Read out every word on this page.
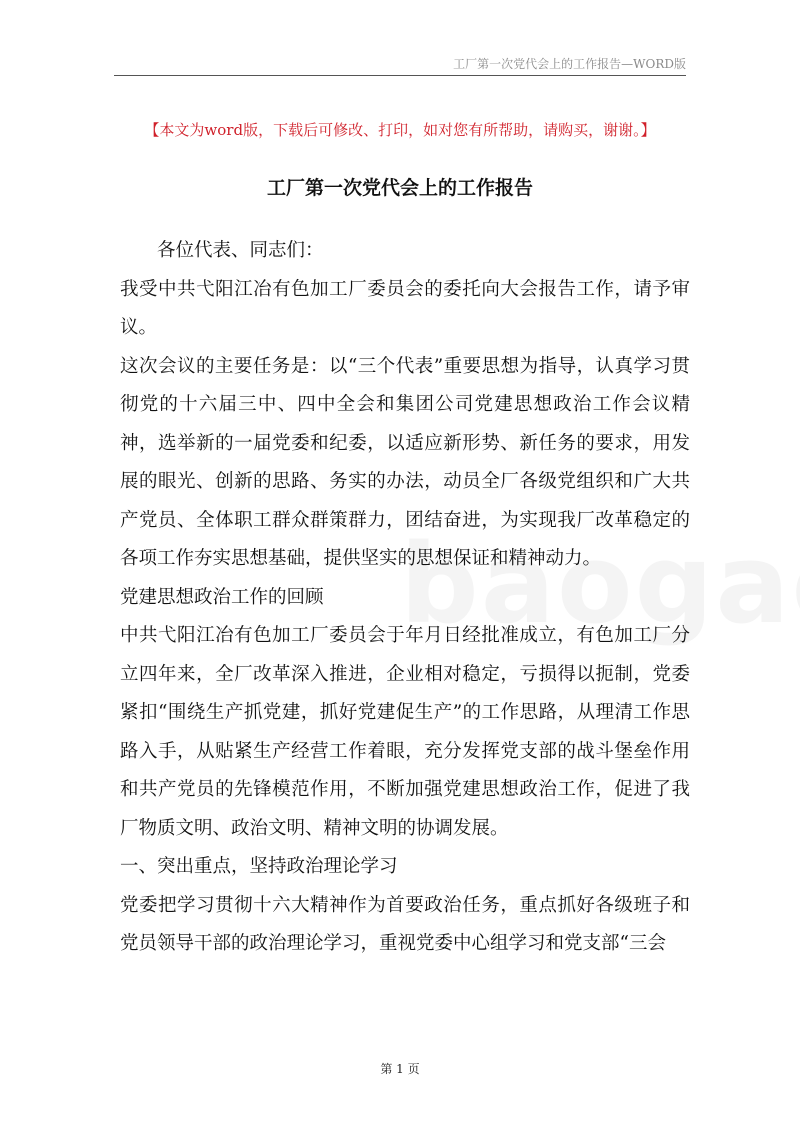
工厂第一次党代会上的工作报告—WORD版
【本文为word版，下载后可修改、打印，如对您有所帮助，请购买，谢谢。】
工厂第一次党代会上的工作报告

各位代表、同志们：

我受中共弋阳江冶有色加工厂委员会的委托向大会报告工作，请予审议。

这次会议的主要任务是：以“三个代表”重要思想为指导，认真学习贯彻党的十六届三中、四中全会和集团公司党建思想政治工作会议精神，选举新的一届党委和纪委，以适应新形势、新任务的要求，用发展的眼光、创新的思路、务实的办法，动员全厂各级党组织和广大共产党员、全体职工群众群策群力，团结奋进，为实现我厂改革稳定的各项工作夯实思想基础，提供坚实的思想保证和精神动力。

党建思想政治工作的回顾

中共弋阳江冶有色加工厂委员会于年月日经批准成立，有色加工厂分立四年来，全厂改革深入推进，企业相对稳定，亏损得以扼制，党委紧扣“围绕生产抓党建，抓好党建促生产”的工作思路，从理清工作思路入手，从贴紧生产经营工作着眼，充分发挥党支部的战斗堡垒作用和共产党员的先锋模范作用，不断加强党建思想政治工作，促进了我厂物质文明、政治文明、精神文明的协调发展。

一、突出重点，坚持政治理论学习

党委把学习贯彻十六大精神作为首要政治任务，重点抓好各级班子和党员领导干部的政治理论学习，重视党委中心组学习和党支部“三会

第 1 页
